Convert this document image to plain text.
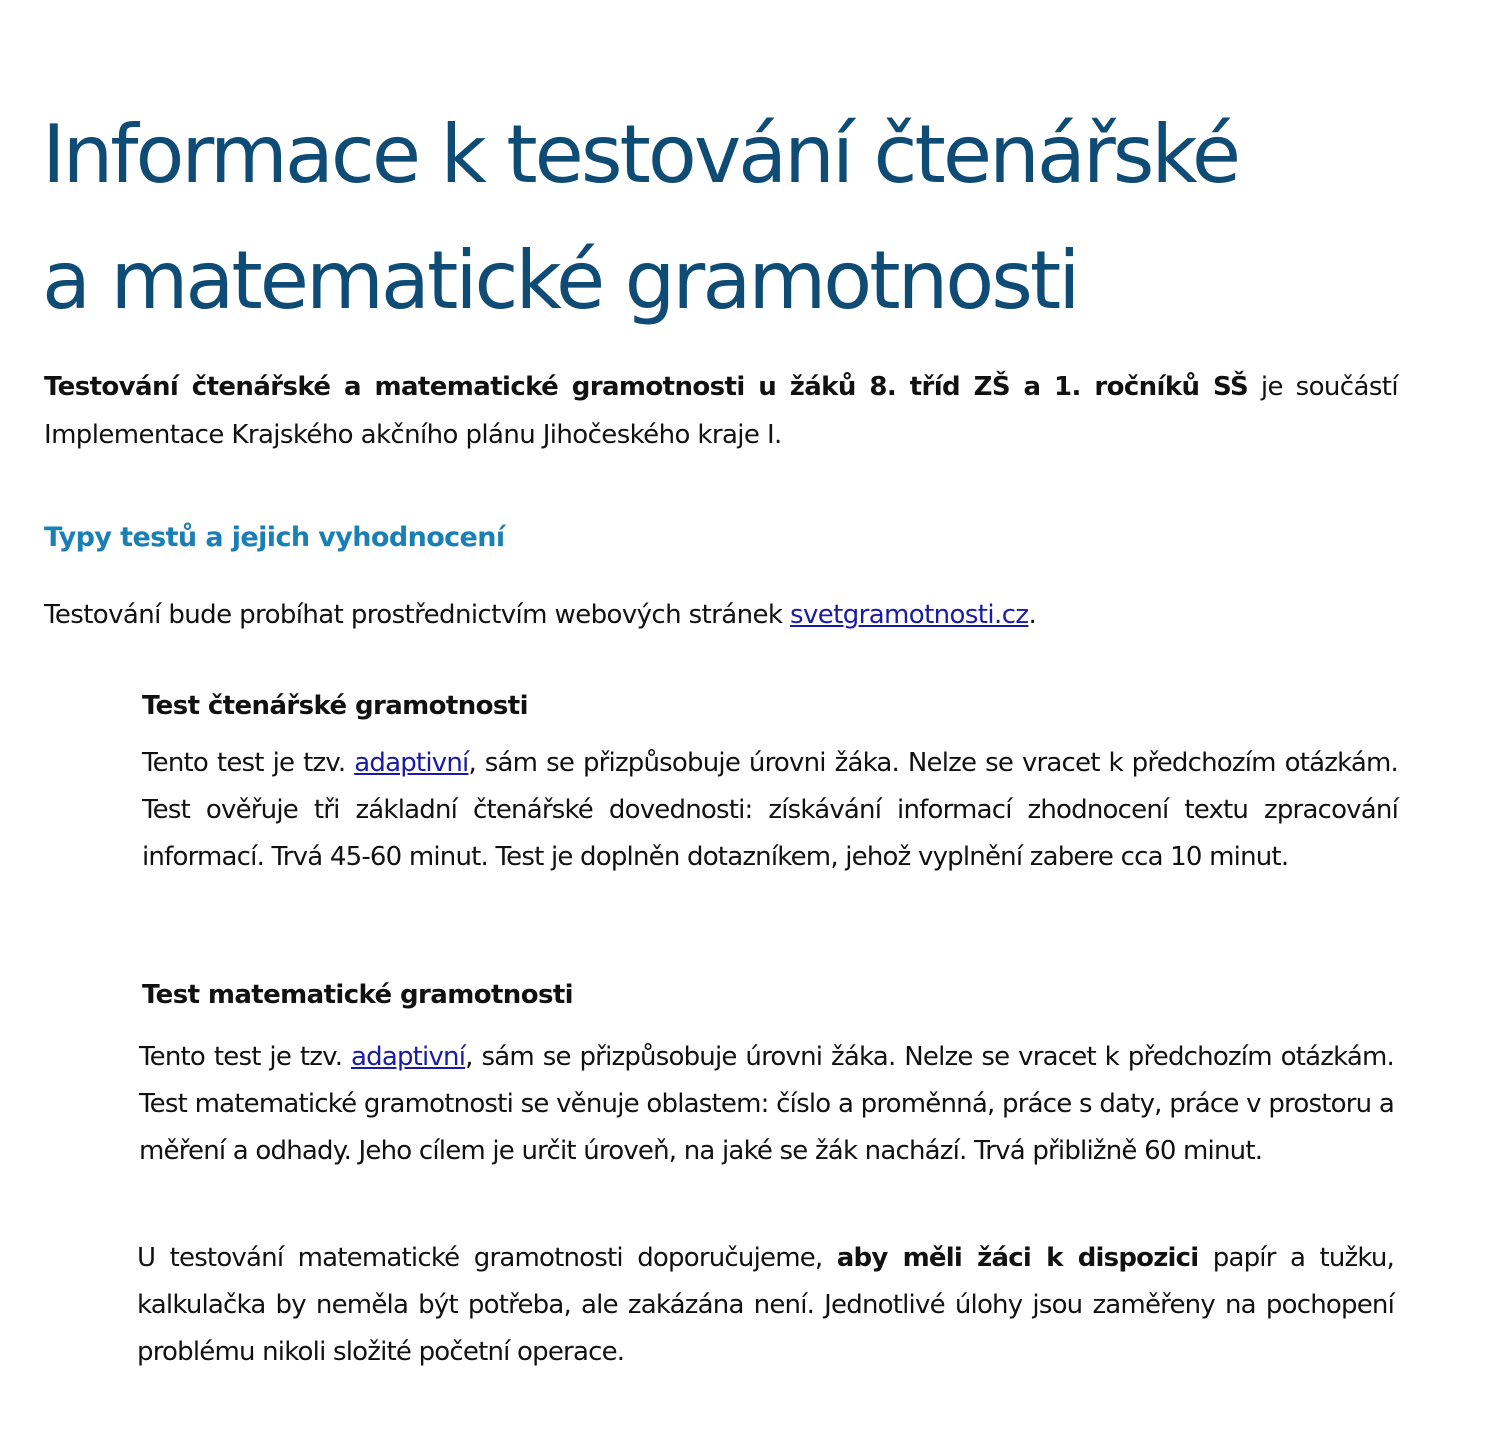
Informace k testování čtenářské
a matematické gramotnosti

Testování čtenářské a matematické gramotnosti u žáků 8. tříd ZŠ a 1. ročníků SŠ je součástí Implementace Krajského akčního plánu Jihočeského kraje I.

Typy testů a jejich vyhodnocení

Testování bude probíhat prostřednictvím webových stránek svetgramotnosti.cz.

Test čtenářské gramotnosti

Tento test je tzv. adaptivní, sám se přizpůsobuje úrovni žáka. Nelze se vracet k předchozím otázkám. Test ověřuje tři základní čtenářské dovednosti: získávání informací zhodnocení textu zpracování informací. Trvá 45-60 minut. Test je doplněn dotazníkem, jehož vyplnění zabere cca 10 minut.

Test matematické gramotnosti

Tento test je tzv. adaptivní, sám se přizpůsobuje úrovni žáka. Nelze se vracet k předchozím otázkám. Test matematické gramotnosti se věnuje oblastem: číslo a proměnná, práce s daty, práce v prostoru a měření a odhady. Jeho cílem je určit úroveň, na jaké se žák nachází. Trvá přibližně 60 minut.

U testování matematické gramotnosti doporučujeme, aby měli žáci k dispozici papír a tužku, kalkulačka by neměla být potřeba, ale zakázána není. Jednotlivé úlohy jsou zaměřeny na pochopení problému nikoli složité početní operace.
